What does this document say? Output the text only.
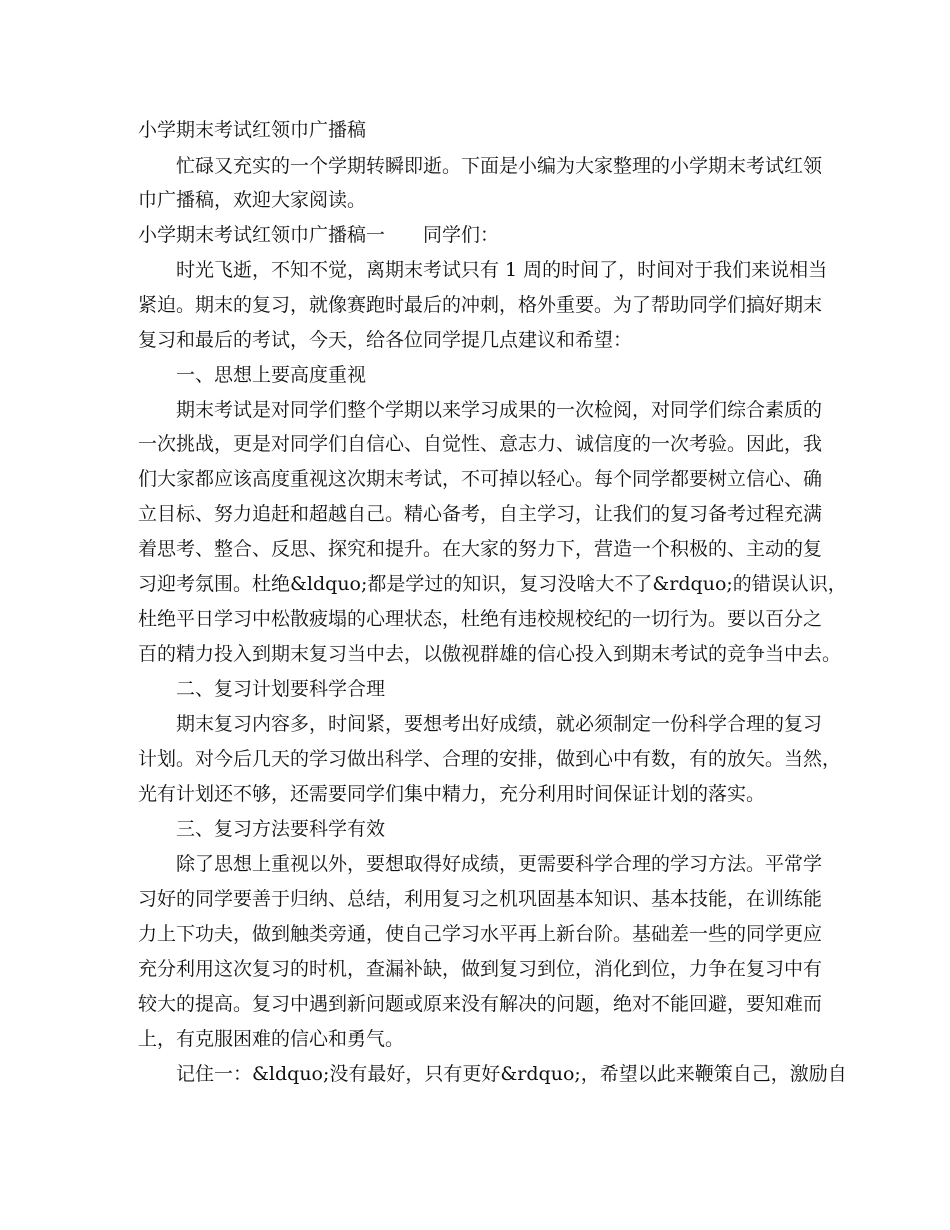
小学期末考试红领巾广播稿
忙碌又充实的一个学期转瞬即逝。下面是小编为大家整理的小学期末考试红领
巾广播稿，欢迎大家阅读。
小学期末考试红领巾广播稿一　　同学们：
时光飞逝，不知不觉，离期末考试只有 1 周的时间了，时间对于我们来说相当
紧迫。期末的复习，就像赛跑时最后的冲刺，格外重要。为了帮助同学们搞好期末
复习和最后的考试，今天，给各位同学提几点建议和希望：
一、思想上要高度重视
期末考试是对同学们整个学期以来学习成果的一次检阅，对同学们综合素质的
一次挑战，更是对同学们自信心、自觉性、意志力、诚信度的一次考验。因此，我
们大家都应该高度重视这次期末考试，不可掉以轻心。每个同学都要树立信心、确
立目标、努力追赶和超越自己。精心备考，自主学习，让我们的复习备考过程充满
着思考、整合、反思、探究和提升。在大家的努力下，营造一个积极的、主动的复
习迎考氛围。杜绝&ldquo;都是学过的知识，复习没啥大不了&rdquo;的错误认识，
杜绝平日学习中松散疲塌的心理状态，杜绝有违校规校纪的一切行为。要以百分之
百的精力投入到期末复习当中去，以傲视群雄的信心投入到期末考试的竞争当中去。
二、复习计划要科学合理
期末复习内容多，时间紧，要想考出好成绩，就必须制定一份科学合理的复习
计划。对今后几天的学习做出科学、合理的安排，做到心中有数，有的放矢。当然，
光有计划还不够，还需要同学们集中精力，充分利用时间保证计划的落实。
三、复习方法要科学有效
除了思想上重视以外，要想取得好成绩，更需要科学合理的学习方法。平常学
习好的同学要善于归纳、总结，利用复习之机巩固基本知识、基本技能，在训练能
力上下功夫，做到触类旁通，使自己学习水平再上新台阶。基础差一些的同学更应
充分利用这次复习的时机，查漏补缺，做到复习到位，消化到位，力争在复习中有
较大的提高。复习中遇到新问题或原来没有解决的问题，绝对不能回避，要知难而
上，有克服困难的信心和勇气。
记住一：&ldquo;没有最好，只有更好&rdquo;，希望以此来鞭策自己，激励自
